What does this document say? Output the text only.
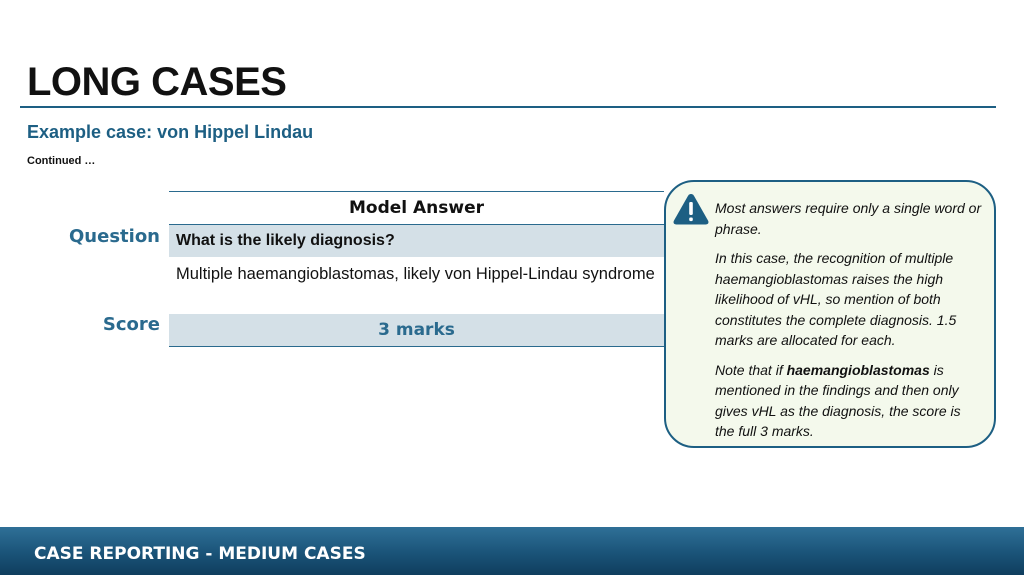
LONG CASES
Example case: von Hippel Lindau
Continued …
Question
Score
Model Answer
What is the likely diagnosis?
Multiple haemangioblastomas, likely von Hippel-Lindau syndrome
3 marks

Most answers require only a single word or phrase.

In this case, the recognition of multiple haemangioblastomas raises the high likelihood of vHL, so mention of both constitutes the complete diagnosis. 1.5 marks are allocated for each.

Note that if haemangioblastomas is mentioned in the findings and then only gives vHL as the diagnosis, the score is the full 3 marks.

CASE REPORTING - MEDIUM CASES
